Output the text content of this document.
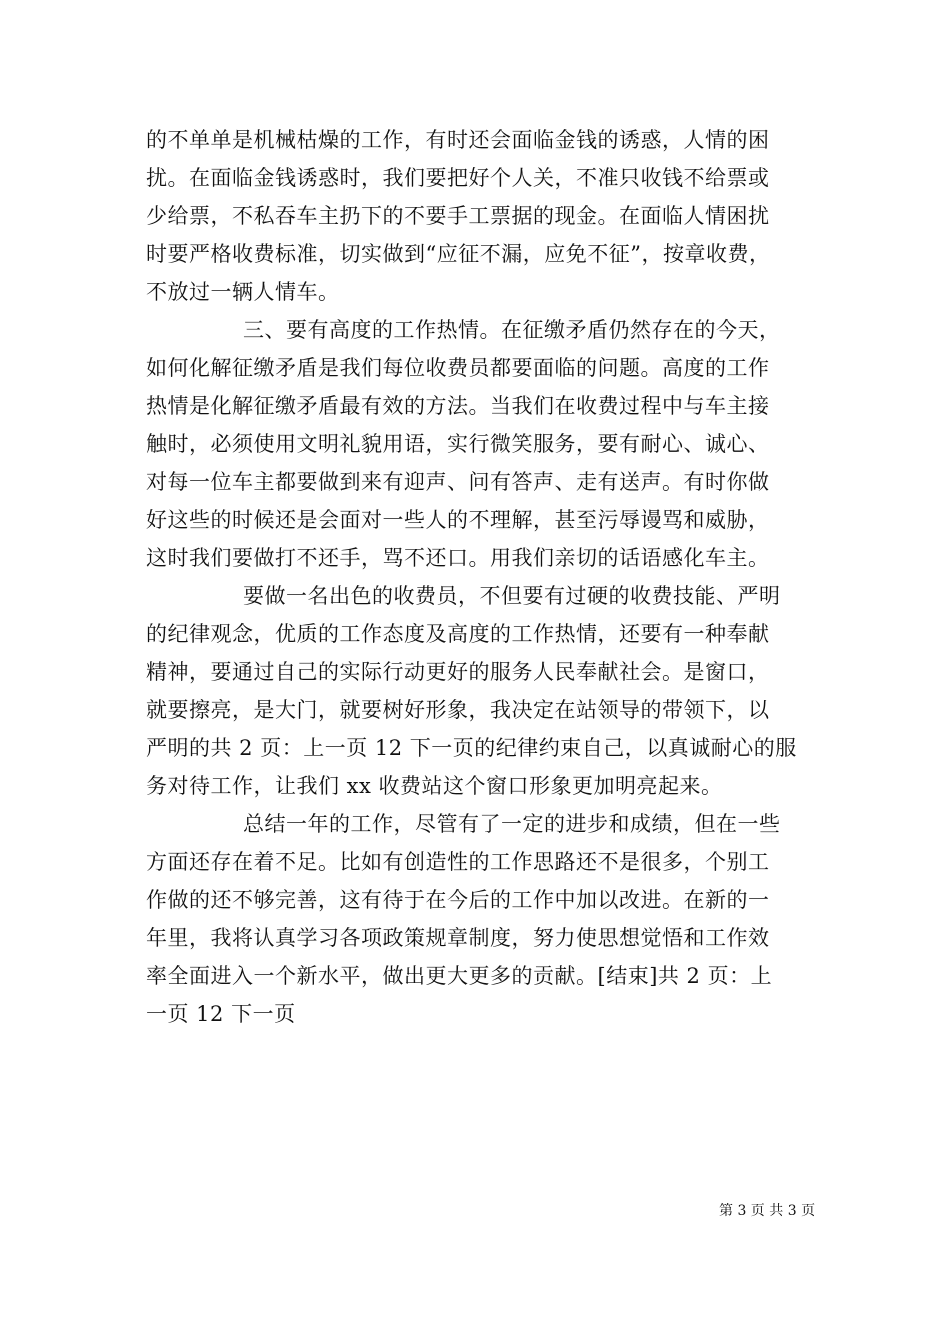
的不单单是机械枯燥的工作，有时还会面临金钱的诱惑，人情的困
扰。在面临金钱诱惑时，我们要把好个人关，不准只收钱不给票或
少给票，不私吞车主扔下的不要手工票据的现金。在面临人情困扰
时要严格收费标准，切实做到“应征不漏，应免不征”，按章收费，
不放过一辆人情车。
三、要有高度的工作热情。在征缴矛盾仍然存在的今天，
如何化解征缴矛盾是我们每位收费员都要面临的问题。高度的工作
热情是化解征缴矛盾最有效的方法。当我们在收费过程中与车主接
触时，必须使用文明礼貌用语，实行微笑服务，要有耐心、诚心、
对每一位车主都要做到来有迎声、问有答声、走有送声。有时你做
好这些的时候还是会面对一些人的不理解，甚至污辱谩骂和威胁，
这时我们要做打不还手，骂不还口。用我们亲切的话语感化车主。
要做一名出色的收费员，不但要有过硬的收费技能、严明
的纪律观念，优质的工作态度及高度的工作热情，还要有一种奉献
精神，要通过自己的实际行动更好的服务人民奉献社会。是窗口，
就要擦亮，是大门，就要树好形象，我决定在站领导的带领下，以
严明的共 2 页：上一页 12 下一页的纪律约束自己，以真诚耐心的服
务对待工作，让我们 xx 收费站这个窗口形象更加明亮起来。
总结一年的工作，尽管有了一定的进步和成绩，但在一些
方面还存在着不足。比如有创造性的工作思路还不是很多，个别工
作做的还不够完善，这有待于在今后的工作中加以改进。在新的一
年里，我将认真学习各项政策规章制度，努力使思想觉悟和工作效
率全面进入一个新水平，做出更大更多的贡献。[结束]共 2 页：上
一页 12 下一页
第 3 页 共 3 页
